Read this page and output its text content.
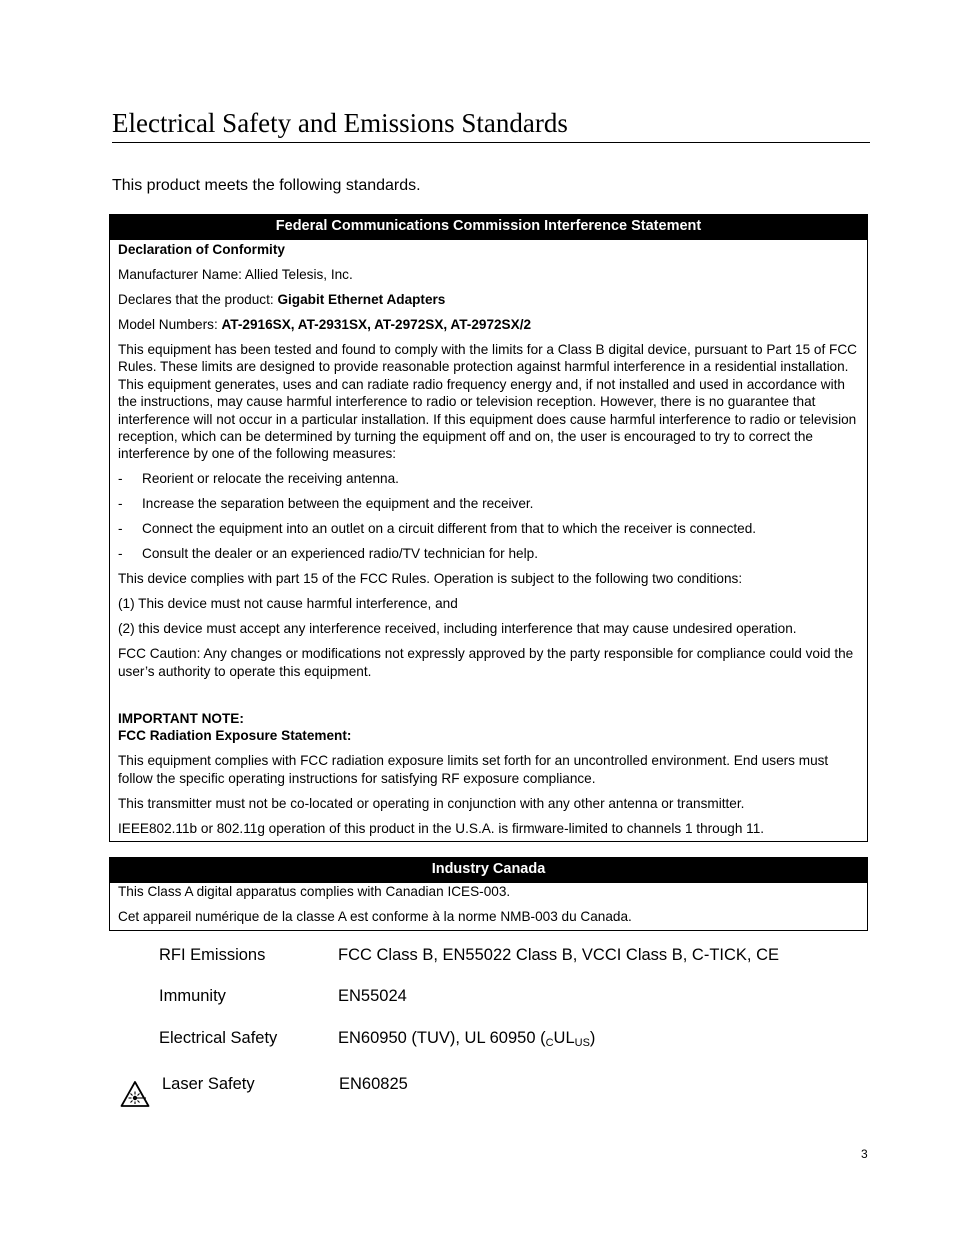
Electrical Safety and Emissions Standards

This product meets the following standards.

Federal Communications Commission Interference Statement

Declaration of Conformity

Manufacturer Name: Allied Telesis, Inc.

Declares that the product: Gigabit Ethernet Adapters

Model Numbers: AT-2916SX, AT-2931SX, AT-2972SX, AT-2972SX/2

This equipment has been tested and found to comply with the limits for a Class B digital device, pursuant to Part 15 of FCC Rules. These limits are designed to provide reasonable protection against harmful interference in a residential installation. This equipment generates, uses and can radiate radio frequency energy and, if not installed and used in accordance with the instructions, may cause harmful interference to radio or television reception. However, there is no guarantee that interference will not occur in a particular installation. If this equipment does cause harmful interference to radio or television reception, which can be determined by turning the equipment off and on, the user is encouraged to try to correct the interference by one of the following measures:

-	Reorient or relocate the receiving antenna.
-	Increase the separation between the equipment and the receiver.
-	Connect the equipment into an outlet on a circuit different from that to which the receiver is connected.
-	Consult the dealer or an experienced radio/TV technician for help.

This device complies with part 15 of the FCC Rules. Operation is subject to the following two conditions:

(1) This device must not cause harmful interference, and

(2) this device must accept any interference received, including interference that may cause undesired operation.

FCC Caution: Any changes or modifications not expressly approved by the party responsible for compliance could void the user’s authority to operate this equipment.

IMPORTANT NOTE:

FCC Radiation Exposure Statement:

This equipment complies with FCC radiation exposure limits set forth for an uncontrolled environment. End users must follow the specific operating instructions for satisfying RF exposure compliance.

This transmitter must not be co-located or operating in conjunction with any other antenna or transmitter.

IEEE802.11b or 802.11g operation of this product in the U.S.A. is firmware-limited to channels 1 through 11.

Industry Canada

This Class A digital apparatus complies with Canadian ICES-003.

Cet appareil numérique de la classe A est conforme à la norme NMB-003 du Canada.

RFI Emissions	FCC Class B, EN55022 Class B, VCCI Class B, C-TICK, CE
Immunity	EN55024
Electrical Safety	EN60950 (TUV), UL 60950 $(_CUL_{US})$
Laser Safety	EN60825
3
